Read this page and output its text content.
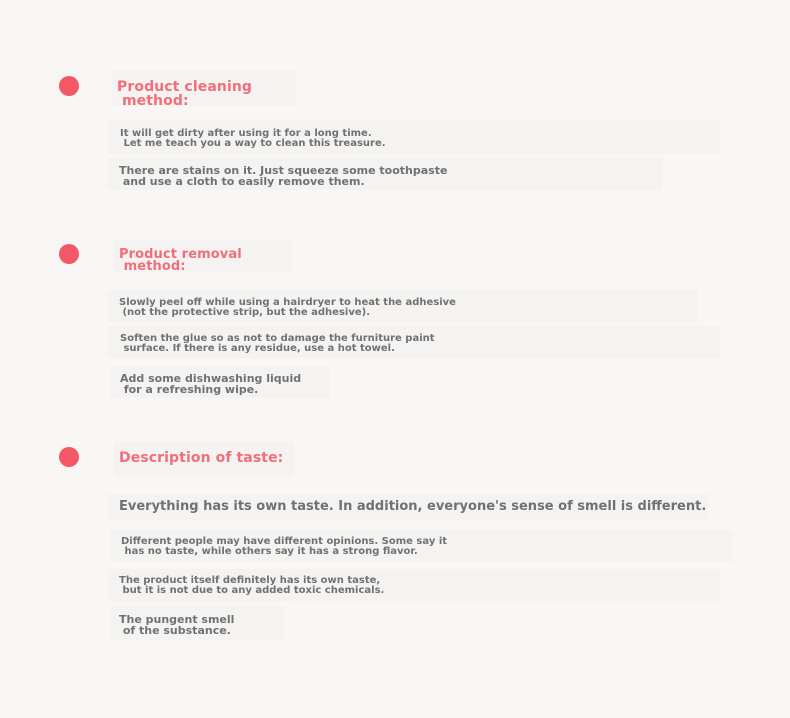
Product cleaning
method:
It will get dirty after using it for a long time.
Let me teach you a way to clean this treasure.
There are stains on it. Just squeeze some toothpaste
and use a cloth to easily remove them.
Product removal
method:
Slowly peel off while using a hairdryer to heat the adhesive
(not the protective strip, but the adhesive).
Soften the glue so as not to damage the furniture paint
surface. If there is any residue, use a hot towel.
Add some dishwashing liquid
for a refreshing wipe.
Description of taste:
Everything has its own taste. In addition, everyone's sense of smell is different.
Different people may have different opinions. Some say it
has no taste, while others say it has a strong flavor.
The product itself definitely has its own taste,
but it is not due to any added toxic chemicals.
The pungent smell
of the substance.
